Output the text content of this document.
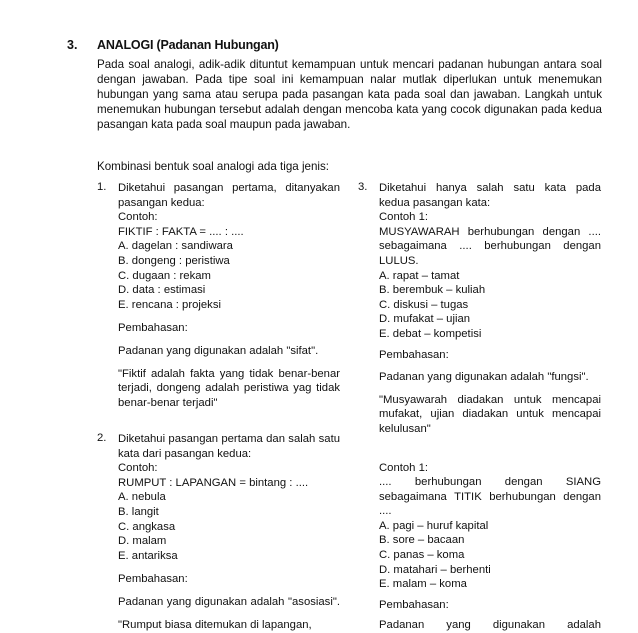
3. ANALOGI (Padanan Hubungan)

Pada soal analogi, adik-adik dituntut kemampuan untuk mencari padanan hubungan antara soal dengan jawaban. Pada tipe soal ini kemampuan nalar mutlak diperlukan untuk menemukan hubungan yang sama atau serupa pada pasangan kata pada soal dan jawaban. Langkah untuk menemukan hubungan tersebut adalah dengan mencoba kata yang cocok digunakan pada kedua pasangan kata pada soal maupun pada jawaban.

Kombinasi bentuk soal analogi ada tiga jenis:
1. Diketahui pasangan pertama, ditanyakan pasangan kedua:

Contoh:

FIKTIF : FAKTA = .... : ....

A. dagelan : sandiwara

B. dongeng : peristiwa

C. dugaan : rekam

D. data : estimasi

E. rencana : projeksi

Pembahasan:

Padanan yang digunakan adalah "sifat".

"Fiktif adalah fakta yang tidak benar-benar terjadi, dongeng adalah peristiwa yag tidak benar-benar terjadi"

2. Diketahui pasangan pertama dan salah satu kata dari pasangan kedua:

Contoh:

RUMPUT : LAPANGAN = bintang : ....

A. nebula

B. langit

C. angkasa

D. malam

E. antariksa

Pembahasan:

Padanan yang digunakan adalah "asosiasi".

"Rumput biasa ditemukan di lapangan,

3. Diketahui hanya salah satu kata pada kedua pasangan kata:

Contoh 1:

MUSYAWARAH berhubungan dengan .... sebagaimana .... berhubungan dengan LULUS.

A. rapat – tamat

B. berembuk – kuliah

C. diskusi – tugas

D. mufakat – ujian

E. debat – kompetisi

Pembahasan:

Padanan yang digunakan adalah "fungsi".

"Musyawarah diadakan untuk mencapai mufakat, ujian diadakan untuk mencapai kelulusan"

Contoh 1:

.... berhubungan dengan SIANG sebagaimana TITIK berhubungan dengan ....

A. pagi – huruf kapital

B. sore – bacaan

C. panas – koma

D. matahari – berhenti

E. malam – koma

Pembahasan:

Padanan yang digunakan adalah
